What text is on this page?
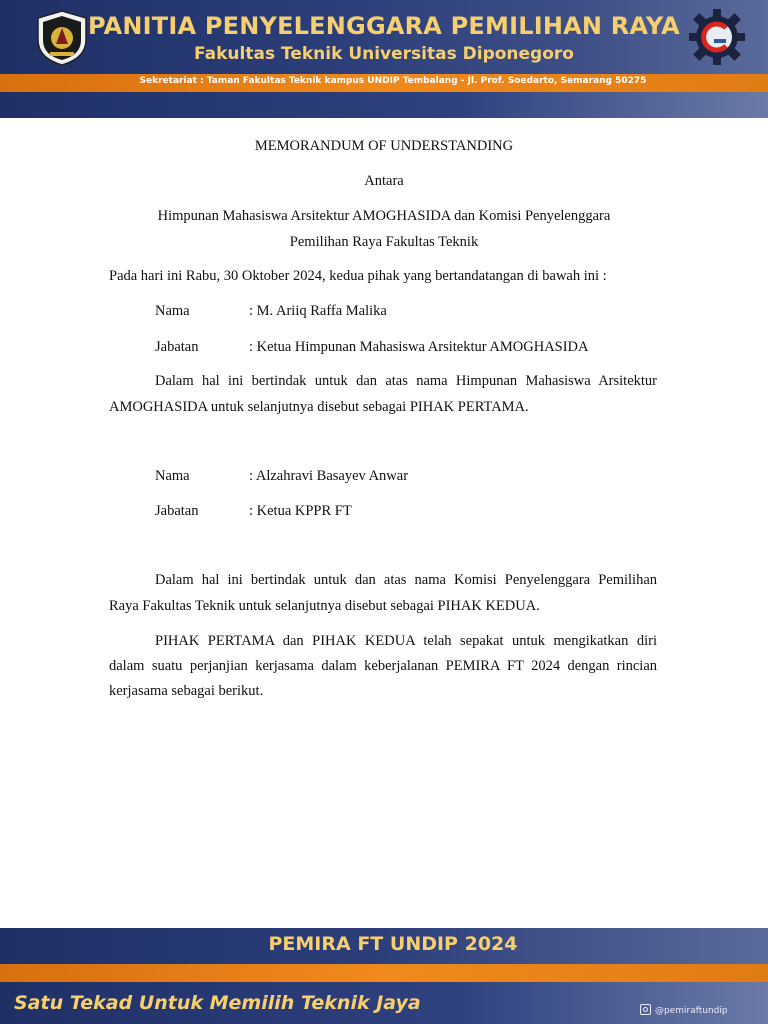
PANITIA PENYELENGGARA PEMILIHAN RAYA
Fakultas Teknik Universitas Diponegoro
Sekretariat : Taman Fakultas Teknik kampus UNDIP Tembalang - Jl. Prof. Soedarto, Semarang 50275
MEMORANDUM OF UNDERSTANDING
Antara
Himpunan Mahasiswa Arsitektur AMOGHASIDA dan Komisi Penyelenggara
Pemilihan Raya Fakultas Teknik
Pada hari ini Rabu, 30 Oktober 2024, kedua pihak yang bertandatangan di bawah ini :
Nama	: M. Ariiq Raffa Malika
Jabatan	: Ketua Himpunan Mahasiswa Arsitektur AMOGHASIDA
Dalam hal ini bertindak untuk dan atas nama Himpunan Mahasiswa Arsitektur
AMOGHASIDA untuk selanjutnya disebut sebagai PIHAK PERTAMA.
Nama	: Alzahravi Basayev Anwar
Jabatan	: Ketua KPPR FT
Dalam hal ini bertindak untuk dan atas nama Komisi Penyelenggara Pemilihan
Raya Fakultas Teknik untuk selanjutnya disebut sebagai PIHAK KEDUA.
PIHAK PERTAMA dan PIHAK KEDUA telah sepakat untuk mengikatkan diri
dalam suatu perjanjian kerjasama dalam keberjalanan PEMIRA FT 2024 dengan rincian
kerjasama sebagai berikut.
PEMIRA FT UNDIP 2024
Satu Tekad Untuk Memilih Teknik Jaya	@pemiraftundip
